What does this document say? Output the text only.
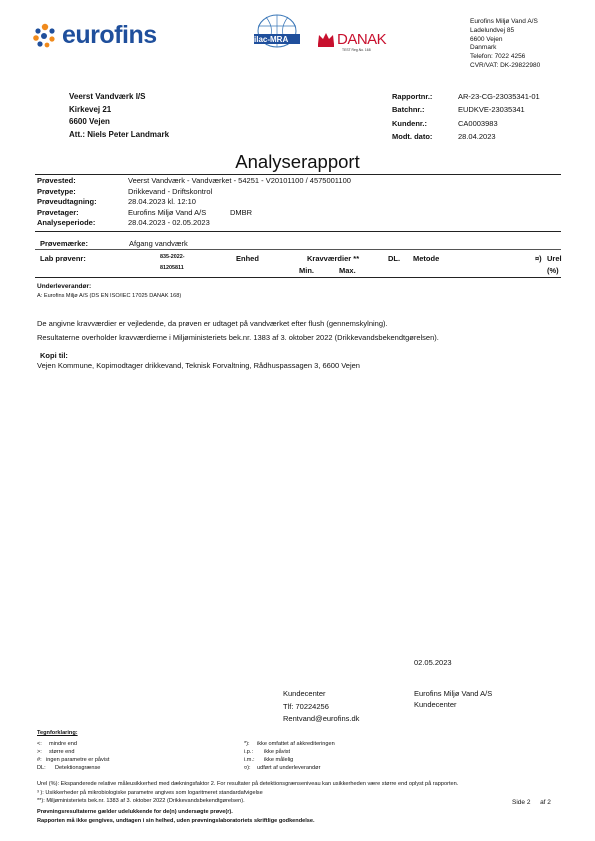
eurofins	ilac-MRA	DANAK
TEST Reg.No. 168
Eurofins Miljø Vand A/S
Ladelundvej 85
6600 Vejen
Danmark
Telefon: 7022 4256
CVR/VAT: DK-29822980
Veerst Vandværk I/S
Kirkevej 21
6600 Vejen
Att.: Niels Peter Landmark
Rapportnr.:	AR-23-CG-23035341-01
Batchnr.:	EUDKVE-23035341
Kundenr.:	CA0003983
Modt. dato:	28.04.2023
Analyserapport
Prøvested:	Veerst Vandværk - Vandværket - 54251 - V20101100 / 4575001100
Prøvetype:	Drikkevand - Driftskontrol
Prøveudtagning:	28.04.2023 kl. 12:10
Prøvetager:	Eurofins Miljø Vand A/S	DMBR
Analyseperiode:	28.04.2023 - 02.05.2023
Prøvemærke:	Afgang vandværk
Lab prøvenr:	835-2022-
81205811
Enhed	Kravværdier **
Min.	Max.
DL. Metode	¤) Urel
(%)
Underleverandør:
A: Eurofins Miljø A/S (DS EN ISO/IEC 17025 DANAK 168)
De angivne kravværdier er vejledende, da prøven er udtaget på vandværket efter flush (gennemskylning).
Resultaterne overholder kravværdierne i Miljøministeriets bek.nr. 1383 af 3. oktober 2022 (Drikkevandsbekendtgørelsen).
Kopi til:
Vejen Kommune, Kopimodtager drikkevand, Teknisk Forvaltning, Rådhuspassagen 3, 6600 Vejen
02.05.2023
Kundecenter
Tlf: 70224256
Rentvand@eurofins.dk
Eurofins Miljø Vand A/S
Kundecenter
Tegnforklaring:
<: mindre end
>: større end
#: ingen parametre er påvist
DL: Detektionsgrænse
*): ikke omfattet af akkrediteringen
i.p.: ikke påvist
i.m.: ikke målelig
¤): udført af underleverandør
Urel (%): Ekspanderede relative måleusikkerhed med dækningsfaktor 2. For resultater på detektionsgrænseniveau kan usikkerheden være større end oplyst på rapporten.
³ ): Usikkerheder på mikrobiologiske parametre angives som logaritmeret standardafvigelse
**): Miljøministeriets bek.nr. 1383 af 3. oktober 2022 (Drikkevandsbekendtgørelsen).
Prøvningsresultaterne gælder udelukkende for de(n) undersøgte prøve(r).
Rapporten må ikke gengives, undtagen i sin helhed, uden prøvningslaboratoriets skriftlige godkendelse.
Side 2 af 2
